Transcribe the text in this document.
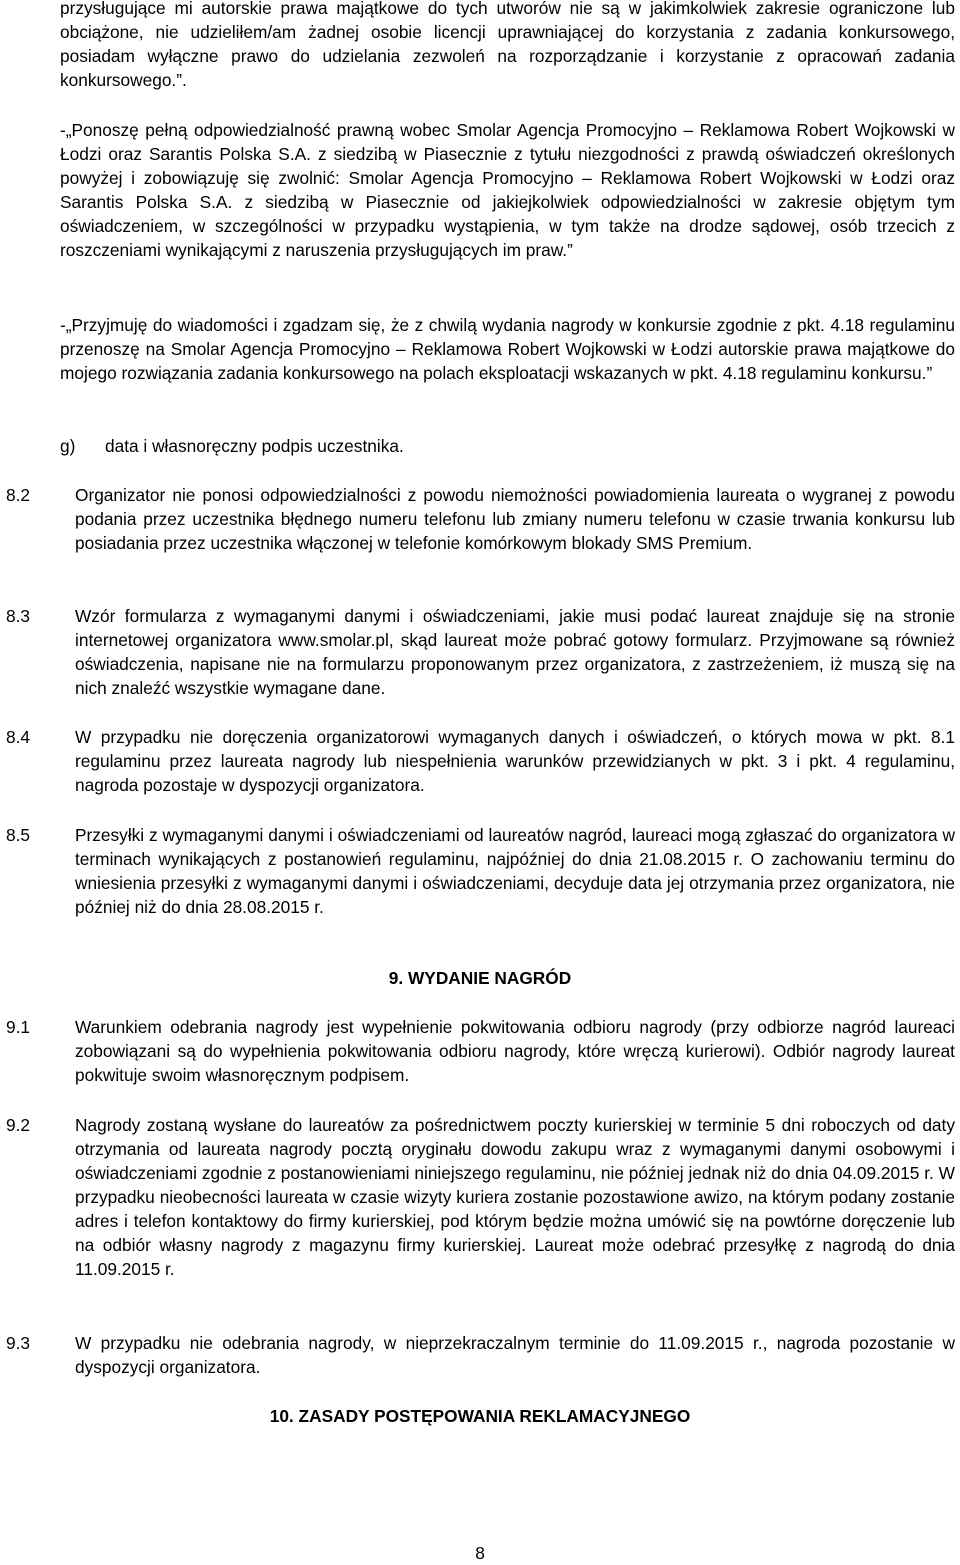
przysługujące mi autorskie prawa majątkowe do tych utworów nie są w jakimkolwiek zakresie ograniczone lub obciążone, nie udzieliłem/am żadnej osobie licencji uprawniającej do korzystania z zadania konkursowego, posiadam wyłączne prawo do udzielania zezwoleń na rozporządzanie i korzystanie z opracowań zadania konkursowego.”.

-„Ponoszę pełną odpowiedzialność prawną wobec Smolar Agencja Promocyjno – Reklamowa Robert Wojkowski w Łodzi oraz Sarantis Polska S.A. z siedzibą w Piasecznie z tytułu niezgodności z prawdą oświadczeń określonych powyżej i zobowiązuję się zwolnić: Smolar Agencja Promocyjno – Reklamowa Robert Wojkowski w Łodzi oraz Sarantis Polska S.A. z siedzibą w Piasecznie od jakiejkolwiek odpowiedzialności w zakresie objętym tym oświadczeniem, w szczególności w przypadku wystąpienia, w tym także na drodze sądowej, osób trzecich z roszczeniami wynikającymi z naruszenia przysługujących im praw.”

-„Przyjmuję do wiadomości i zgadzam się, że z chwilą wydania nagrody w konkursie zgodnie z pkt. 4.18 regulaminu przenoszę na Smolar Agencja Promocyjno – Reklamowa Robert Wojkowski w Łodzi autorskie prawa majątkowe do mojego rozwiązania zadania konkursowego na polach eksploatacji wskazanych w pkt. 4.18 regulaminu konkursu.”

g) data i własnoręczny podpis uczestnika.
8.2	Organizator nie ponosi odpowiedzialności z powodu niemożności powiadomienia laureata o wygranej z powodu podania przez uczestnika błędnego numeru telefonu lub zmiany numeru telefonu w czasie trwania konkursu lub posiadania przez uczestnika włączonej w telefonie komórkowym blokady SMS Premium.
8.3	Wzór formularza z wymaganymi danymi i oświadczeniami, jakie musi podać laureat znajduje się na stronie internetowej organizatora www.smolar.pl, skąd laureat może pobrać gotowy formularz. Przyjmowane są również oświadczenia, napisane nie na formularzu proponowanym przez organizatora, z zastrzeżeniem, iż muszą się na nich znaleźć wszystkie wymagane dane.
8.4	W przypadku nie doręczenia organizatorowi wymaganych danych i oświadczeń, o których mowa w pkt. 8.1 regulaminu przez laureata nagrody lub niespełnienia warunków przewidzianych w pkt. 3 i pkt. 4 regulaminu, nagroda pozostaje w dyspozycji organizatora.
8.5	Przesyłki z wymaganymi danymi i oświadczeniami od laureatów nagród, laureaci mogą zgłaszać do organizatora w terminach wynikających z postanowień regulaminu, najpóźniej do dnia 21.08.2015 r. O zachowaniu terminu do wniesienia przesyłki z wymaganymi danymi i oświadczeniami, decyduje data jej otrzymania przez organizatora, nie później niż do dnia 28.08.2015 r.
9. WYDANIE NAGRÓD
9.1	Warunkiem odebrania nagrody jest wypełnienie pokwitowania odbioru nagrody (przy odbiorze nagród laureaci zobowiązani są do wypełnienia pokwitowania odbioru nagrody, które wręczą kurierowi). Odbiór nagrody laureat pokwituje swoim własnoręcznym podpisem.
9.2	Nagrody zostaną wysłane do laureatów za pośrednictwem poczty kurierskiej w terminie 5 dni roboczych od daty otrzymania od laureata nagrody pocztą oryginału dowodu zakupu wraz z wymaganymi danymi osobowymi i oświadczeniami zgodnie z postanowieniami niniejszego regulaminu, nie później jednak niż do dnia 04.09.2015 r. W przypadku nieobecności laureata w czasie wizyty kuriera zostanie pozostawione awizo, na którym podany zostanie adres i telefon kontaktowy do firmy kurierskiej, pod którym będzie można umówić się na powtórne doręczenie lub na odbiór własny nagrody z magazynu firmy kurierskiej. Laureat może odebrać przesyłkę z nagrodą do dnia 11.09.2015 r.
9.3	W przypadku nie odebrania nagrody, w nieprzekraczalnym terminie do 11.09.2015 r., nagroda pozostanie w dyspozycji organizatora.
10. ZASADY POSTĘPOWANIA REKLAMACYJNEGO
8
